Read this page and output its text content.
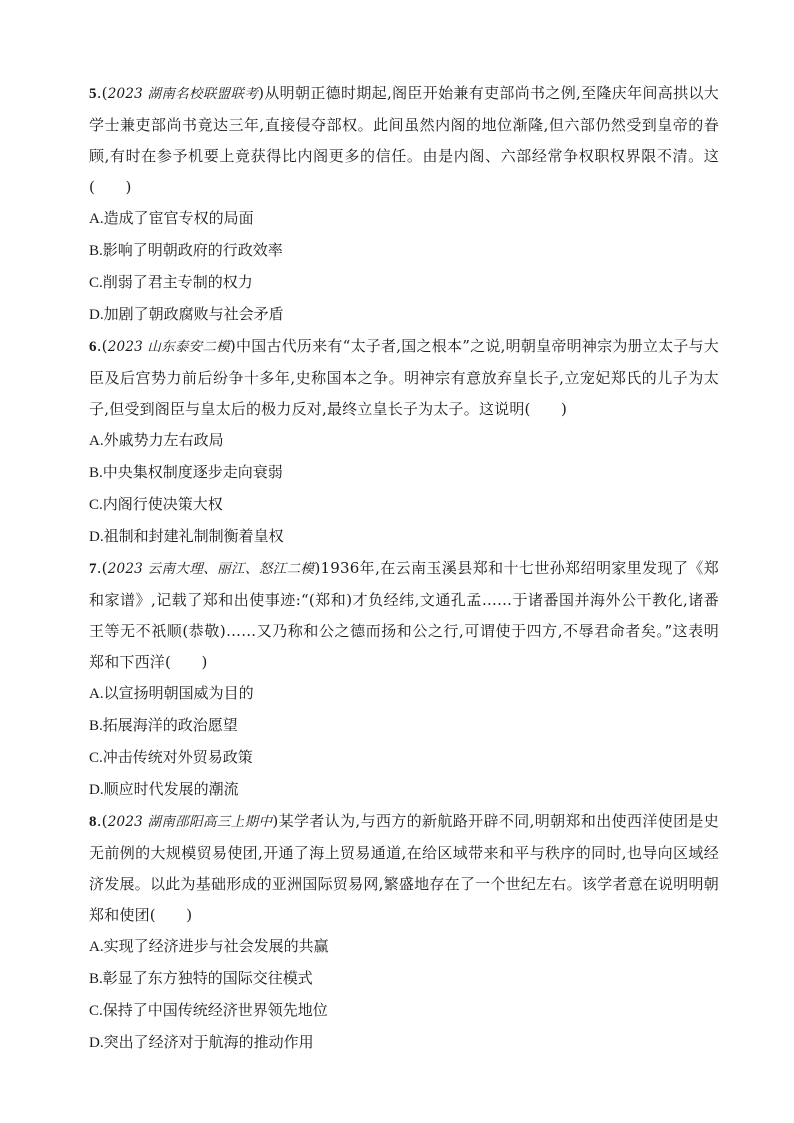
5.(2023 湖南名校联盟联考)从明朝正德时期起,阁臣开始兼有吏部尚书之例,至隆庆年间高拱以大学士兼吏部尚书竟达三年,直接侵夺部权。此间虽然内阁的地位渐隆,但六部仍然受到皇帝的眷顾,有时在参予机要上竟获得比内阁更多的信任。由是内阁、六部经常争权职权界限不清。这(　　)

A.造成了宦官专权的局面
B.影响了明朝政府的行政效率
C.削弱了君主专制的权力
D.加剧了朝政腐败与社会矛盾

6.(2023 山东泰安二模)中国古代历来有“太子者,国之根本”之说,明朝皇帝明神宗为册立太子与大臣及后宫势力前后纷争十多年,史称国本之争。明神宗有意放弃皇长子,立宠妃郑氏的儿子为太子,但受到阁臣与皇太后的极力反对,最终立皇长子为太子。这说明(　　)

A.外戚势力左右政局
B.中央集权制度逐步走向衰弱
C.内阁行使决策大权
D.祖制和封建礼制制衡着皇权

7.(2023 云南大理、丽江、怒江二模)1936年,在云南玉溪县郑和十七世孙郑绍明家里发现了《郑和家谱》,记载了郑和出使事迹:“(郑和)才负经纬,文通孔孟……于诸番国并海外公干教化,诸番王等无不祇顺(恭敬)……又乃称和公之德而扬和公之行,可谓使于四方,不辱君命者矣。”这表明郑和下西洋(　　)

A.以宣扬明朝国威为目的
B.拓展海洋的政治愿望
C.冲击传统对外贸易政策
D.顺应时代发展的潮流

8.(2023 湖南邵阳高三上期中)某学者认为,与西方的新航路开辟不同,明朝郑和出使西洋使团是史无前例的大规模贸易使团,开通了海上贸易通道,在给区域带来和平与秩序的同时,也导向区域经济发展。以此为基础形成的亚洲国际贸易网,繁盛地存在了一个世纪左右。该学者意在说明明朝郑和使团(　　)

A.实现了经济进步与社会发展的共赢
B.彰显了东方独特的国际交往模式
C.保持了中国传统经济世界领先地位
D.突出了经济对于航海的推动作用
